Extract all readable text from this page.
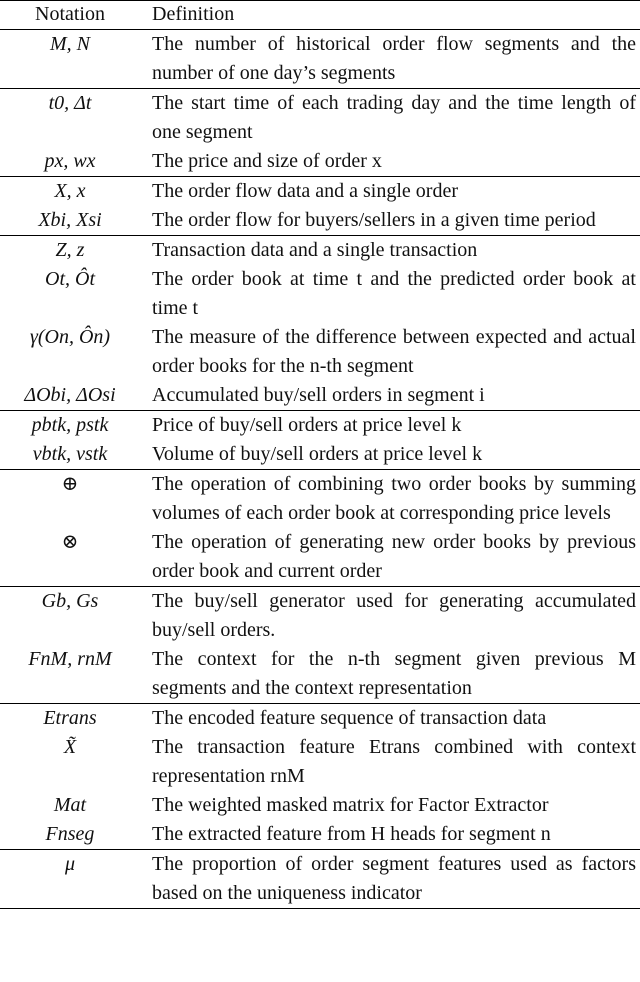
Notation	Definition
M, N	The number of historical order flow segments and the number of one day’s segments
t0, Δt	The start time of each trading day and the time length of one segment
px, wx	The price and size of order x
X, x	The order flow data and a single order
Xbi, Xsi	The order flow for buyers/sellers in a given time period
Z, z	Transaction data and a single transaction
Ot, Ôt	The order book at time t and the predicted order book at time t
γ(On, Ôn)	The measure of the difference between expected and actual order books for the n-th segment
ΔObi, ΔOsi	Accumulated buy/sell orders in segment i
pbtk, pstk	Price of buy/sell orders at price level k
vbtk, vstk	Volume of buy/sell orders at price level k
⊕	The operation of combining two order books by summing volumes of each order book at corresponding price levels
⊗	The operation of generating new order books by previous order book and current order
Gb, Gs	The buy/sell generator used for generating accumulated buy/sell orders.
FnM, rnM	The context for the n-th segment given previous M segments and the context representation
Etrans	The encoded feature sequence of transaction data
X̃	The transaction feature Etrans combined with context representation rnM
Mat	The weighted masked matrix for Factor Extractor
Fnseg	The extracted feature from H heads for segment n
μ	The proportion of order segment features used as factors based on the uniqueness indicator
